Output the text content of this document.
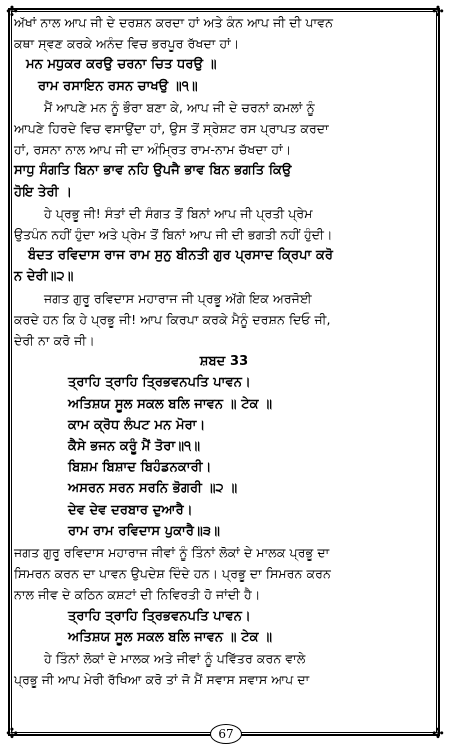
✣	✣
✣	✣
ਅੱਖਾਂ ਨਾਲ ਆਪ ਜੀ ਦੇ ਦਰਸ਼ਨ ਕਰਦਾ ਹਾਂ ਅਤੇ ਕੰਨ ਆਪ ਜੀ ਦੀ ਪਾਵਨ
ਕਥਾ ਸ੍ਵਣ ਕਰਕੇ ਅਨੰਦ ਵਿਚ ਭਰਪੂਰ ਰੱਖਦਾ ਹਾਂ।
ਮਨ ਮਧੁਕਰ ਕਰਉ ਚਰਨਾ ਚਿਤ ਧਰਉ ॥
ਰਾਮ ਰਸਾਇਨ ਰਸਨ ਚਾਖਉ ॥੧॥
ਮੈਂ ਆਪਣੇ ਮਨ ਨੂੰ ਭੌਰਾ ਬਣਾ ਕੇ, ਆਪ ਜੀ ਦੇ ਚਰਨਾਂ ਕਮਲਾਂ ਨੂੰ
ਆਪਣੇ ਹਿਰਦੇ ਵਿਚ ਵਸਾਉਂਦਾ ਹਾਂ, ਉਸ ਤੋਂ ਸ੍ਰੇਸ਼ਟ ਰਸ ਪ੍ਰਾਪਤ ਕਰਦਾ
ਹਾਂ, ਰਸਨਾ ਨਾਲ ਆਪ ਜੀ ਦਾ ਅੰਮ੍ਰਿਤ ਰਾਮ-ਨਾਮ ਚੱਖਦਾ ਹਾਂ।
ਸਾਧੁ ਸੰਗਤਿ ਬਿਨਾ ਭਾਵ ਨਹਿ ਉਪਜੈ ਭਾਵ ਬਿਨ ਭਗਤਿ ਕਿਉ
ਹੋਇ ਤੇਰੀ ।
ਹੇ ਪ੍ਰਭੂ ਜੀ! ਸੰਤਾਂ ਦੀ ਸੰਗਤ ਤੋਂ ਬਿਨਾਂ ਆਪ ਜੀ ਪ੍ਰਤੀ ਪ੍ਰੇਮ
ਉਤਪੰਨ ਨਹੀਂ ਹੁੰਦਾ ਅਤੇ ਪ੍ਰੇਮ ਤੋਂ ਬਿਨਾਂ ਆਪ ਜੀ ਦੀ ਭਗਤੀ ਨਹੀਂ ਹੁੰਦੀ।
ਬੰਦਤ ਰਵਿਦਾਸ ਰਾਜ ਰਾਮ ਸੁਨੁ ਬੀਨਤੀ ਗੁਰ ਪ੍ਰਸਾਦ ਕ੍ਰਿਪਾ ਕਰੋ
ਨ ਦੇਰੀ॥੨॥
ਜਗਤ ਗੁਰੂ ਰਵਿਦਾਸ ਮਹਾਰਾਜ ਜੀ ਪ੍ਰਭੂ ਅੱਗੇ ਇਕ ਅਰਜੋਈ
ਕਰਦੇ ਹਨ ਕਿ ਹੇ ਪ੍ਰਭੂ ਜੀ! ਆਪ ਕਿਰਪਾ ਕਰਕੇ ਮੈਨੂੰ ਦਰਸ਼ਨ ਦਿਓ ਜੀ,
ਦੇਰੀ ਨਾ ਕਰੋ ਜੀ।
ਸ਼ਬਦ 33
ਤ੍ਰਾਹਿ ਤ੍ਰਾਹਿ ਤ੍ਰਿਭਵਨਪਤਿ ਪਾਵਨ।
ਅਤਿਸ਼ਯ ਸੂਲ ਸਕਲ ਬਲਿ ਜਾਵਨ ॥ ਟੇਕ ॥
ਕਾਮ ਕ੍ਰੋਧ ਲੰਪਟ ਮਨ ਮੋਰਾ।
ਕੈਸੇ ਭਜਨ ਕਰੂੰ ਮੈਂ ਤੋਰਾ॥੧॥
ਬਿਸ਼ਮ ਬਿਸ਼ਾਦ ਬਿਹੰਡਨਕਾਰੀ।
ਅਸਰਨ ਸਰਨ ਸਰਨਿ ਭੋਗਰੀ ॥੨ ॥
ਦੇਵ ਦੇਵ ਦਰਬਾਰ ਦੁਆਰੈ।
ਰਾਮ ਰਾਮ ਰਵਿਦਾਸ ਪੁਕਾਰੈ॥੩॥
ਜਗਤ ਗੁਰੂ ਰਵਿਦਾਸ ਮਹਾਰਾਜ ਜੀਵਾਂ ਨੂੰ ਤਿੰਨਾਂ ਲੋਕਾਂ ਦੇ ਮਾਲਕ ਪ੍ਰਭੂ ਦਾ
ਸਿਮਰਨ ਕਰਨ ਦਾ ਪਾਵਨ ਉਪਦੇਸ਼ ਦਿੰਦੇ ਹਨ। ਪ੍ਰਭੂ ਦਾ ਸਿਮਰਨ ਕਰਨ
ਨਾਲ ਜੀਵ ਦੇ ਕਠਿਨ ਕਸ਼ਟਾਂ ਦੀ ਨਿਵਿਰਤੀ ਹੋ ਜਾਂਦੀ ਹੈ।
ਤ੍ਰਾਹਿ ਤ੍ਰਾਹਿ ਤ੍ਰਿਭਵਨਪਤਿ ਪਾਵਨ।
ਅਤਿਸ਼ਯ ਸੂਲ ਸਕਲ ਬਲਿ ਜਾਵਨ ॥ ਟੇਕ ॥
ਹੇ ਤਿੰਨਾਂ ਲੋਕਾਂ ਦੇ ਮਾਲਕ ਅਤੇ ਜੀਵਾਂ ਨੂੰ ਪਵਿੱਤਰ ਕਰਨ ਵਾਲੇ
ਪ੍ਰਭੂ ਜੀ ਆਪ ਮੇਰੀ ਰੱਖਿਆ ਕਰੋ ਤਾਂ ਜੋ ਮੈਂ ਸਵਾਸ ਸਵਾਸ ਆਪ ਦਾ
67
